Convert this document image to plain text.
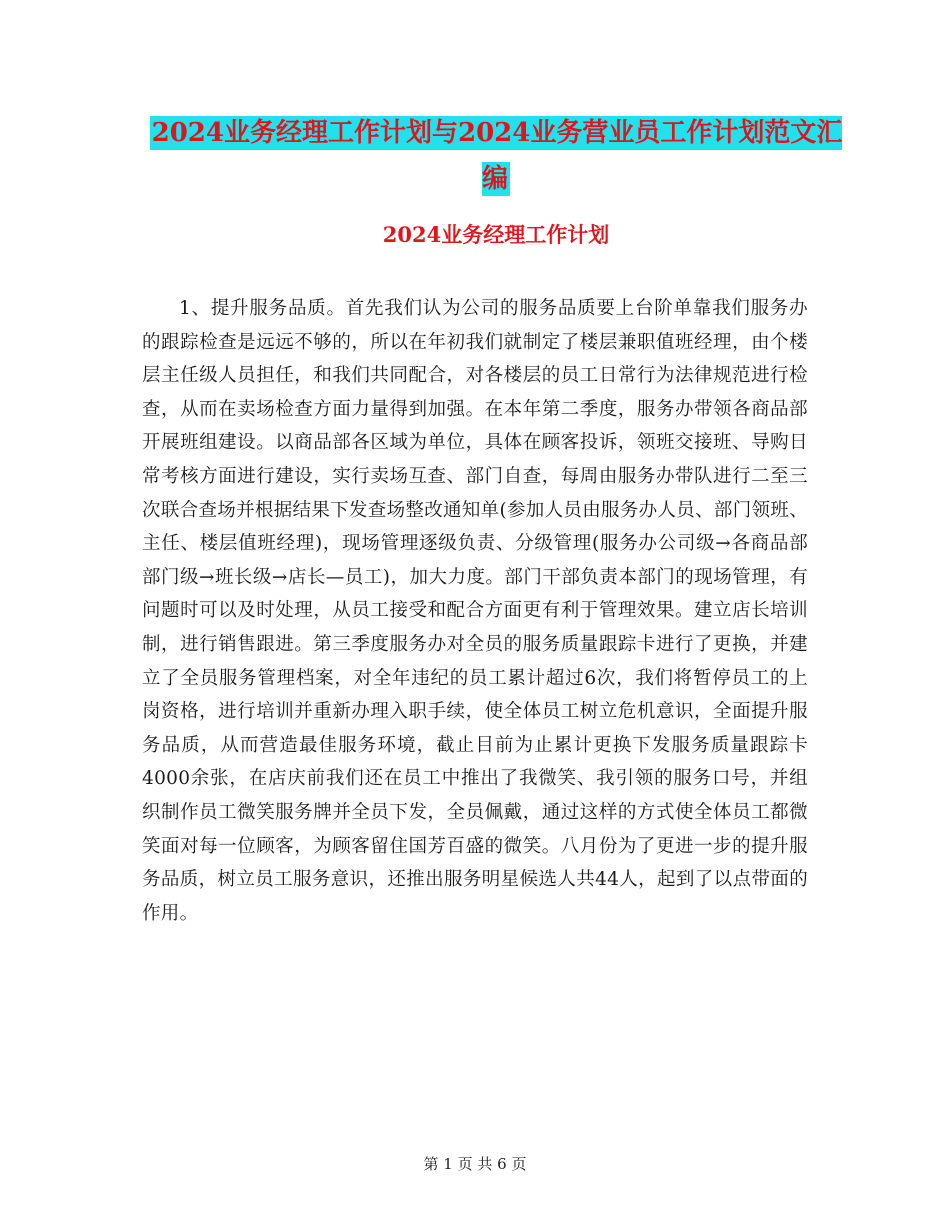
2024业务经理工作计划与2024业务营业员工作计划范文汇编
2024业务经理工作计划

1、提升服务品质。首先我们认为公司的服务品质要上台阶单靠我们服务办的跟踪检查是远远不够的，所以在年初我们就制定了楼层兼职值班经理，由个楼层主任级人员担任，和我们共同配合，对各楼层的员工日常行为法律规范进行检查，从而在卖场检查方面力量得到加强。在本年第二季度，服务办带领各商品部开展班组建设。以商品部各区域为单位，具体在顾客投诉，领班交接班、导购日常考核方面进行建设，实行卖场互查、部门自查，每周由服务办带队进行二至三次联合查场并根据结果下发查场整改通知单(参加人员由服务办人员、部门领班、主任、楼层值班经理)，现场管理逐级负责、分级管理(服务办公司级→各商品部部门级→班长级→店长—员工)，加大力度。部门干部负责本部门的现场管理，有问题时可以及时处理，从员工接受和配合方面更有利于管理效果。建立店长培训制，进行销售跟进。第三季度服务办对全员的服务质量跟踪卡进行了更换，并建立了全员服务管理档案，对全年违纪的员工累计超过6次，我们将暂停员工的上岗资格，进行培训并重新办理入职手续，使全体员工树立危机意识，全面提升服务品质，从而营造最佳服务环境，截止目前为止累计更换下发服务质量跟踪卡4000余张，在店庆前我们还在员工中推出了我微笑、我引领的服务口号，并组织制作员工微笑服务牌并全员下发，全员佩戴，通过这样的方式使全体员工都微笑面对每一位顾客，为顾客留住国芳百盛的微笑。八月份为了更进一步的提升服务品质，树立员工服务意识，还推出服务明星候选人共44人，起到了以点带面的作用。

第 1 页 共 6 页
